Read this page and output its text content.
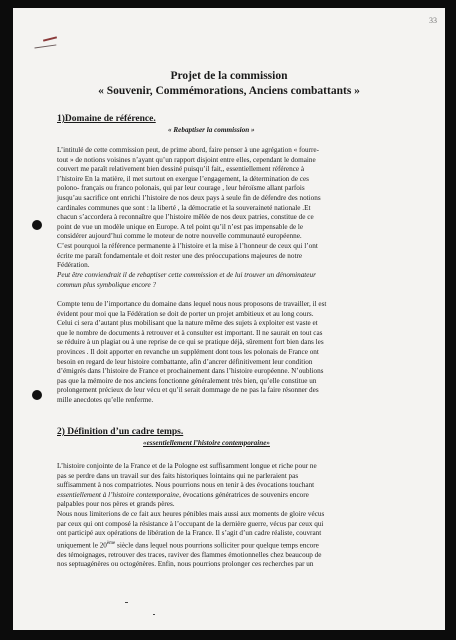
33
Projet de la commission
« Souvenir, Commémorations, Anciens combattants »
1)Domaine de référence.
« Rebaptiser la commission »
L’intitulé de cette commission peut, de prime abord, faire penser à une agrégation « fourre-
tout » de notions voisines n’ayant qu’un rapport disjoint entre elles, cependant le domaine
couvert me paraît relativement bien dessiné puisqu’il fait,, essentiellement référence à
l’histoire En la matière, il met surtout en exergue l’engagement, la détermination de ces
polono- français ou franco polonais, qui par leur courage , leur héroïsme allant parfois
jusqu’au sacrifice ont enrichi l’histoire de nos deux pays à seule fin de défendre des notions
cardinales communes que sont : la liberté , la démocratie et la souveraineté nationale .Et
chacun s’accordera à reconnaître que l’histoire mêlée de nos deux patries, constitue de ce
point de vue un modèle unique en Europe. A tel point qu’il n’est pas impensable de le
considérer aujourd’hui comme le moteur de notre nouvelle communauté européenne.
C’est pourquoi la référence permanente à l’histoire et la mise à l’honneur de ceux qui l’ont
écrite me paraît fondamentale et doit rester une des préoccupations majeures de notre
Fédération.
Peut être conviendrait il de rebaptiser cette commission et de lui trouver un dénominateur
commun plus symbolique encore ?
Compte tenu de l’importance du domaine dans lequel nous nous proposons de travailler, il est
évident pour moi que la Fédération se doit de porter un projet ambitieux et au long cours.
Celui ci sera d’autant plus mobilisant que la nature même des sujets à exploiter est vaste et
que le nombre de documents à retrouver et à consulter est important. Il ne saurait en tout cas
se réduire à un plagiat ou à une reprise de ce qui se pratique déjà, sûrement fort bien dans les
provinces . Il doit apporter en revanche un supplément dont tous les polonais de France ont
besoin en regard de leur histoire combattante, afin d’ancrer définitivement leur condition
d’émigrés dans l’histoire de France et prochainement dans l’histoire européenne. N’oublions
pas que la mémoire de nos anciens fonctionne généralement très bien, qu’elle constitue un
prolongement précieux de leur vécu et qu’il serait dommage de ne pas la faire résonner des
mille anecdotes qu’elle renferme.
2) Définition d’un cadre temps.
«essentiellement l’histoire contemporaine»
L’histoire conjointe de la France et de la Pologne est suffisamment longue et riche pour ne
pas se perdre dans un travail sur des faits historiques lointains qui ne parleraient pas
suffisamment à nos compatriotes. Nous pourrions nous en tenir à des évocations touchant
essentiellement à l’histoire contemporaine, évocations génératrices de souvenirs encore
palpables pour nos pères et grands pères.
Nous nous limiterions de ce fait aux heures pénibles mais aussi aux moments de gloire vécus
par ceux qui ont composé la résistance à l’occupant de la dernière guerre, vécus par ceux qui
ont participé aux opérations de libération de la France. Il s’agit d’un cadre réaliste, couvrant
uniquement le 20ème siècle dans lequel nous pourrions solliciter pour quelque temps encore
des témoignages, retrouver des traces, raviver des flammes émotionnelles chez beaucoup de
nos septuagénères ou octogénères. Enfin, nous pourrions prolonger ces recherches par un
